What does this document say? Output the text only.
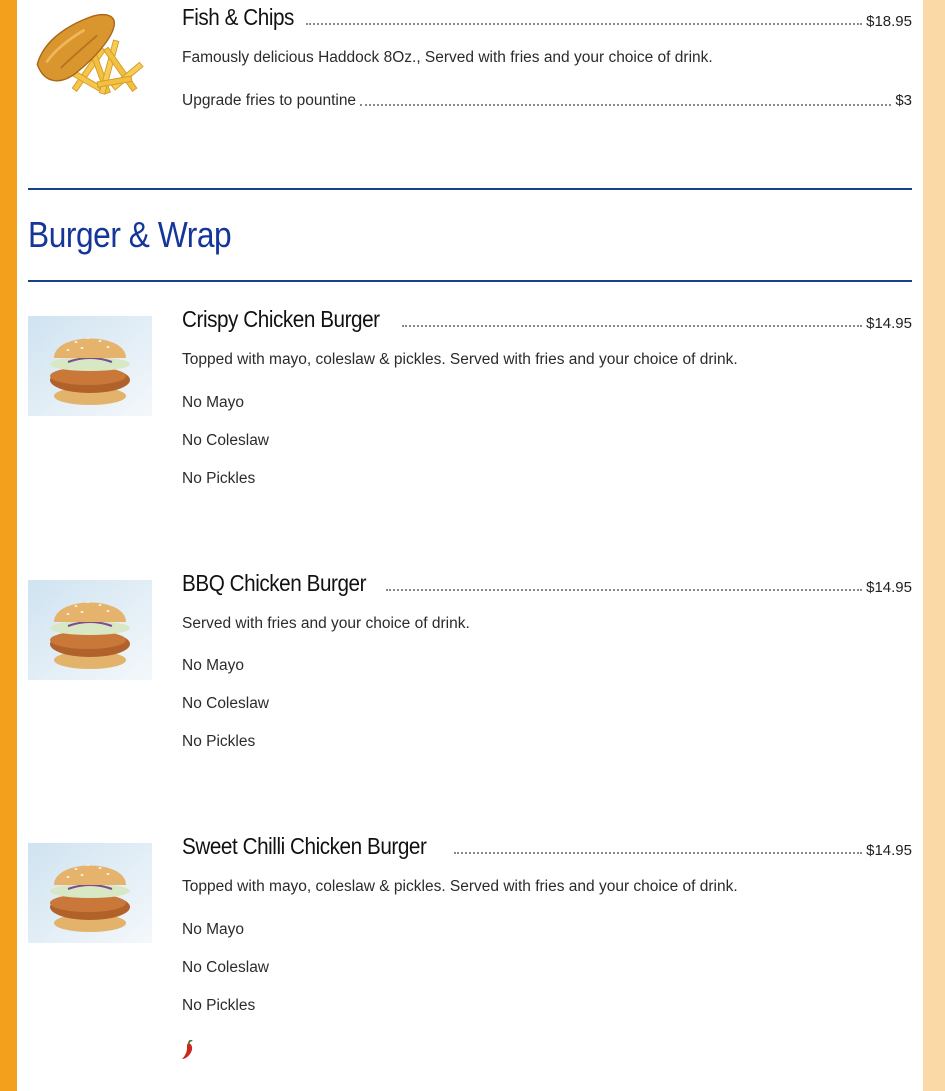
Fish & Chips	$18.95
Famously delicious Haddock 8Oz., Served with fries and your choice of drink.
Upgrade fries to pountine	$3
Burger & Wrap
Crispy Chicken Burger	$14.95
Topped with mayo, coleslaw & pickles. Served with fries and your choice of drink.
No Mayo
No Coleslaw
No Pickles
BBQ Chicken Burger	$14.95
Served with fries and your choice of drink.
No Mayo
No Coleslaw
No Pickles
Sweet Chilli Chicken Burger	$14.95
Topped with mayo, coleslaw & pickles. Served with fries and your choice of drink.
No Mayo
No Coleslaw
No Pickles
